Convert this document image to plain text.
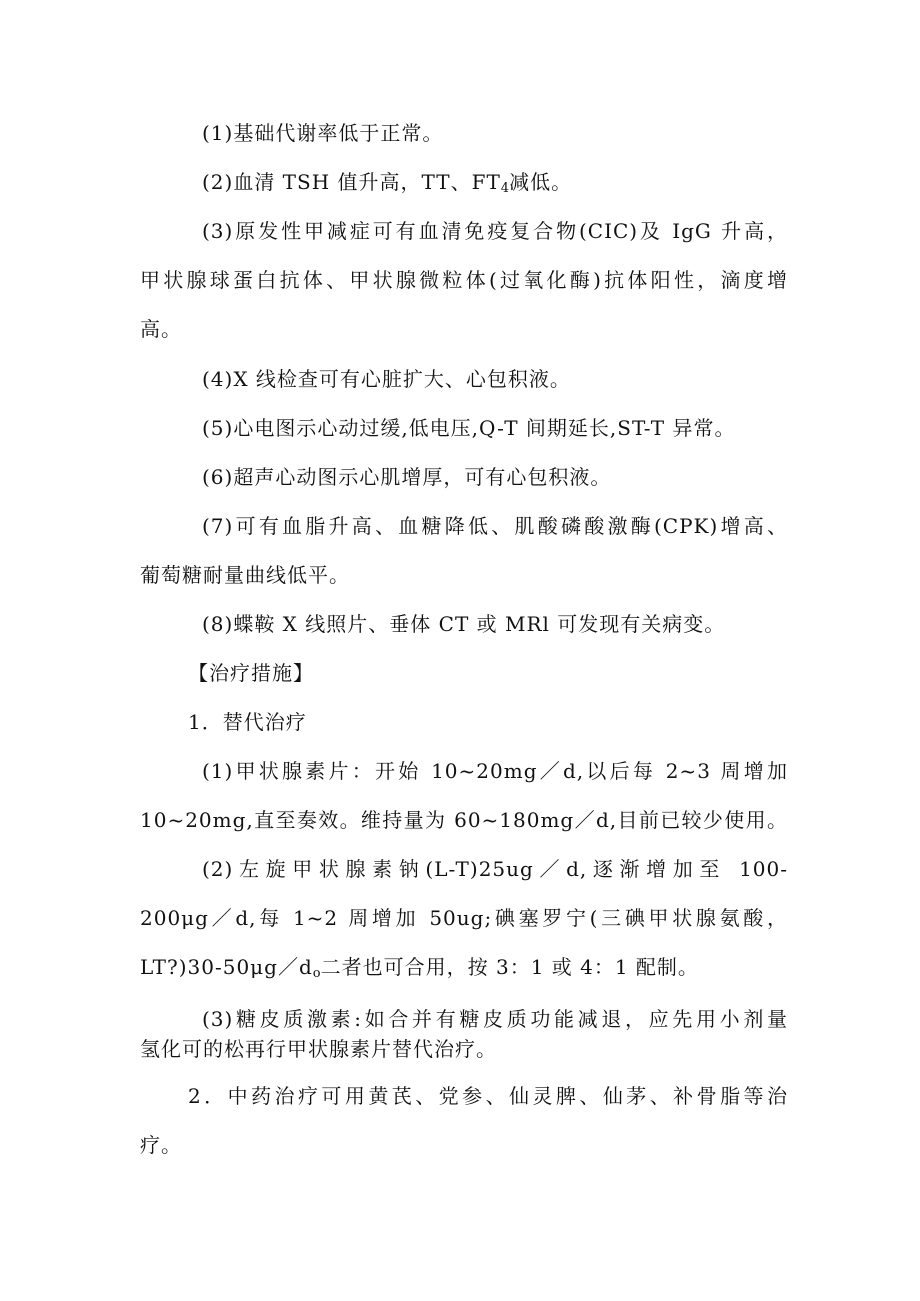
(1)基础代谢率低于正常。

(2)血清 TSH 值升高，TT、$FT_4$减低。

(3)原发性甲减症可有血清免疫复合物(CIC)及 IgG 升高，

甲状腺球蛋白抗体、甲状腺微粒体(过氧化酶)抗体阳性，滴度增

高。

(4)X 线检查可有心脏扩大、心包积液。

(5)心电图示心动过缓,低电压,Q-T 间期延长,ST-T 异常。

(6)超声心动图示心肌增厚，可有心包积液。

(7)可有血脂升高、血糖降低、肌酸磷酸激酶(CPK)增高、

葡萄糖耐量曲线低平。

(8)蝶鞍 X 线照片、垂体 CT 或 MRl 可发现有关病变。

【治疗措施】

1．替代治疗

(1)甲状腺素片：开始 10~20mg／d,以后每 2~3 周增加

10~20mg,直至奏效。维持量为 60~180mg／d,目前已较少使用。

(2)左旋甲状腺素钠(L-T)25ug／d,逐渐增加至 100-

200μg／d,每 1~2 周增加 50ug;碘塞罗宁(三碘甲状腺氨酸，

$LT?)30-50\mu g/d_o$二者也可合用，按 3：1 或 4：1 配制。

(3)糖皮质激素:如合并有糖皮质功能减退，应先用小剂量

氢化可的松再行甲状腺素片替代治疗。

2．中药治疗可用黄芪、党参、仙灵脾、仙茅、补骨脂等治

疗。
